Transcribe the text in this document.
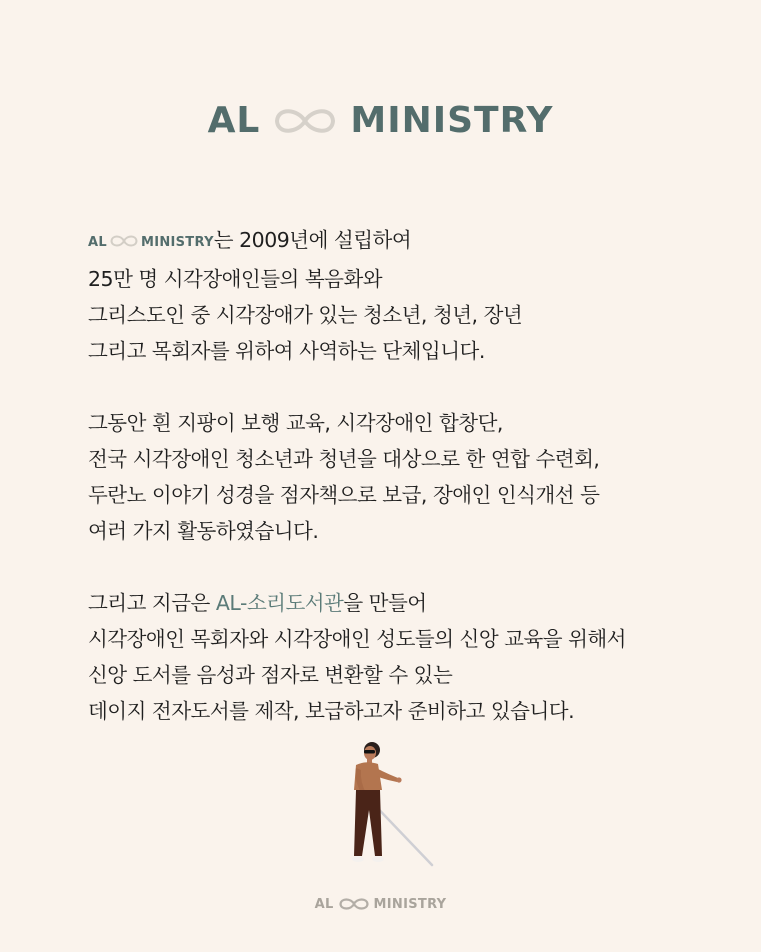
AL	MINISTRY

AL	MINISTRY는 2009년에 설립하여
25만 명 시각장애인들의 복음화와
그리스도인 중 시각장애가 있는 청소년, 청년, 장년
그리고 목회자를 위하여 사역하는 단체입니다.

그동안 흰 지팡이 보행 교육, 시각장애인 합창단,
전국 시각장애인 청소년과 청년을 대상으로 한 연합 수련회,
두란노 이야기 성경을 점자책으로 보급, 장애인 인식개선 등
여러 가지 활동하였습니다.

그리고 지금은 AL-소리도서관을 만들어
시각장애인 목회자와 시각장애인 성도들의 신앙 교육을 위해서
신앙 도서를 음성과 점자로 변환할 수 있는
데이지 전자도서를 제작, 보급하고자 준비하고 있습니다.

AL	MINISTRY
